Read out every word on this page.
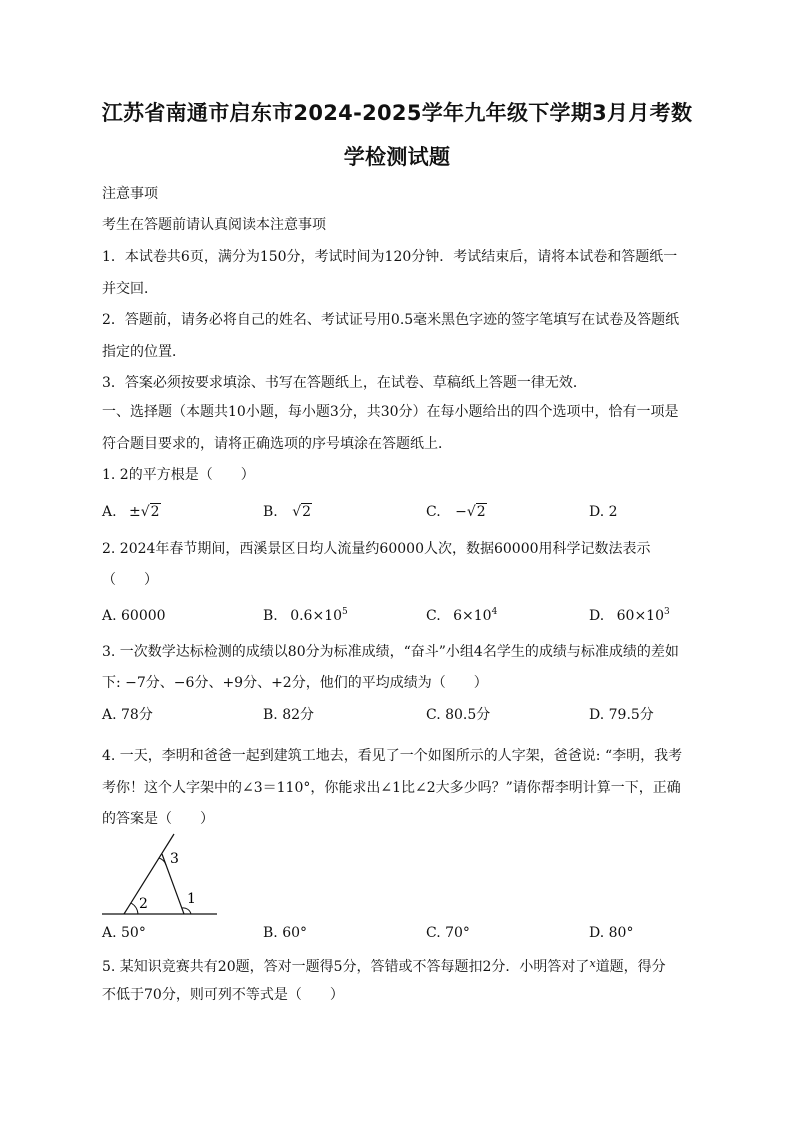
江苏省南通市启东市2024-2025学年九年级下学期3月月考数
学检测试题
注意事项
考生在答题前请认真阅读本注意事项
1．本试卷共6页，满分为150分，考试时间为120分钟．考试结束后，请将本试卷和答题纸一
并交回．
2．答题前，请务必将自己的姓名、考试证号用0.5毫米黑色字迹的签字笔填写在试卷及答题纸
指定的位置．
3．答案必须按要求填涂、书写在答题纸上，在试卷、草稿纸上答题一律无效．
一、选择题（本题共10小题，每小题3分，共30分）在每小题给出的四个选项中，恰有一项是
符合题目要求的，请将正确选项的序号填涂在答题纸上．
1. 2的平方根是（　　）
A. ±√2	B. √2	C. −√2	D. 2
2. 2024年春节期间，西溪景区日均人流量约60000人次，数据60000用科学记数法表示
（　　）
A. 60000	B. $0.6\times 10^5$	C. $6\times 10^4$	D. $60\times 10^3$
3. 一次数学达标检测的成绩以80分为标准成绩，“奋斗”小组4名学生的成绩与标准成绩的差如
下: −7分、−6分、+9分、+2分，他们的平均成绩为（　　）
A. 78分	B. 82分	C. 80.5分	D. 79.5分
4. 一天，李明和爸爸一起到建筑工地去，看见了一个如图所示的人字架，爸爸说: “李明，我考
考你！这个人字架中的∠3＝110°，你能求出∠1比∠2大多少吗？”请你帮李明计算一下，正确
的答案是（　　）
2	1
3
A. 50°	B. 60°	C. 70°	D. 80°
5. 某知识竞赛共有20题，答对一题得5分，答错或不答每题扣2分．小明答对了$^x$道题，得分
不低于70分，则可列不等式是（　　）
